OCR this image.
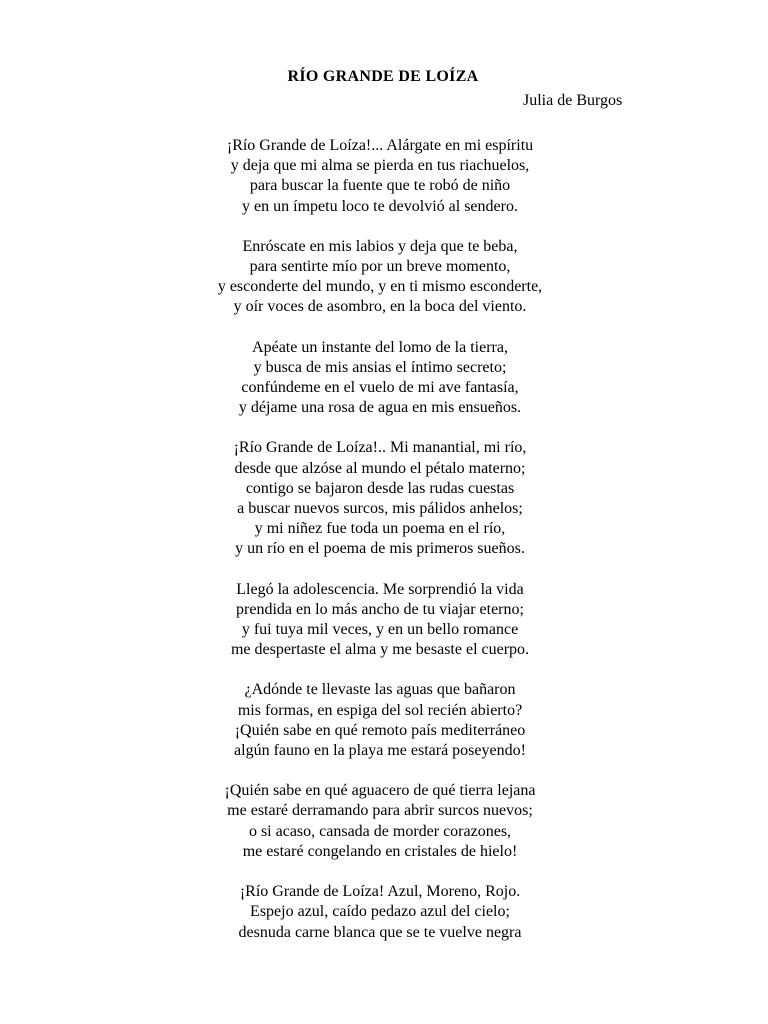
RÍO GRANDE DE LOÍZA
Julia de Burgos
¡Río Grande de Loíza!... Alárgate en mi espíritu
y deja que mi alma se pierda en tus riachuelos,
para buscar la fuente que te robó de niño
y en un ímpetu loco te devolvió al sendero.
Enróscate en mis labios y deja que te beba,
para sentirte mío por un breve momento,
y esconderte del mundo, y en ti mismo esconderte,
y oír voces de asombro, en la boca del viento.
Apéate un instante del lomo de la tierra,
y busca de mis ansias el íntimo secreto;
confúndeme en el vuelo de mi ave fantasía,
y déjame una rosa de agua en mis ensueños.
¡Río Grande de Loíza!.. Mi manantial, mi río,
desde que alzóse al mundo el pétalo materno;
contigo se bajaron desde las rudas cuestas
a buscar nuevos surcos, mis pálidos anhelos;
y mi niñez fue toda un poema en el río,
y un río en el poema de mis primeros sueños.
Llegó la adolescencia. Me sorprendió la vida
prendida en lo más ancho de tu viajar eterno;
y fui tuya mil veces, y en un bello romance
me despertaste el alma y me besaste el cuerpo.
¿Adónde te llevaste las aguas que bañaron
mis formas, en espiga del sol recién abierto?
¡Quién sabe en qué remoto país mediterráneo
algún fauno en la playa me estará poseyendo!
¡Quién sabe en qué aguacero de qué tierra lejana
me estaré derramando para abrir surcos nuevos;
o si acaso, cansada de morder corazones,
me estaré congelando en cristales de hielo!
¡Río Grande de Loíza! Azul, Moreno, Rojo.
Espejo azul, caído pedazo azul del cielo;
desnuda carne blanca que se te vuelve negra
